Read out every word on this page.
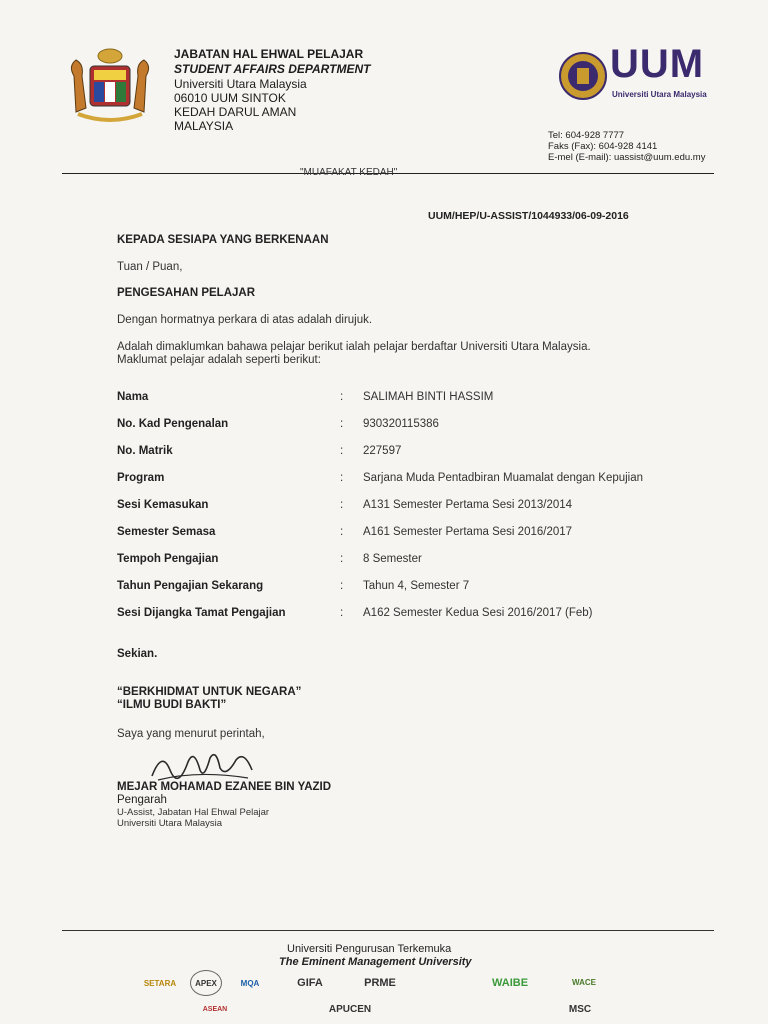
JABATAN HAL EHWAL PELAJAR
STUDENT AFFAIRS DEPARTMENT
Universiti Utara Malaysia
06010 UUM SINTOK
KEDAH DARUL AMAN
MALAYSIA
UUM
Universiti Utara Malaysia
Tel: 604-928 7777
Faks (Fax): 604-928 4141
E-mel (E-mail): uassist@uum.edu.my
"MUAFAKAT KEDAH"
UUM/HEP/U-ASSIST/1044933/06-09-2016
KEPADA SESIAPA YANG BERKENAAN
Tuan / Puan,
PENGESAHAN PELAJAR
Dengan hormatnya perkara di atas adalah dirujuk.
Adalah dimaklumkan bahawa pelajar berikut ialah pelajar berdaftar Universiti Utara Malaysia.
Maklumat pelajar adalah seperti berikut:
Nama	: SALIMAH BINTI HASSIM
No. Kad Pengenalan	: 930320115386
No. Matrik	: 227597
Program	: Sarjana Muda Pentadbiran Muamalat dengan Kepujian
Sesi Kemasukan	: A131 Semester Pertama Sesi 2013/2014
Semester Semasa	: A161 Semester Pertama Sesi 2016/2017
Tempoh Pengajian	: 8 Semester
Tahun Pengajian Sekarang	: Tahun 4, Semester 7
Sesi Dijangka Tamat Pengajian	: A162 Semester Kedua Sesi 2016/2017 (Feb)
Sekian.
“BERKHIDMAT UNTUK NEGARA”
“ILMU BUDI BAKTI”
Saya yang menurut perintah,
MEJAR MOHAMAD EZANEE BIN YAZID
Pengarah
U-Assist, Jabatan Hal Ehwal Pelajar
Universiti Utara Malaysia
Universiti Pengurusan Terkemuka
The Eminent Management University
SETARA	APEX	MQA	GIFA	PRME	WAIBE	WACE
ASEAN	APUCEN	MSC
